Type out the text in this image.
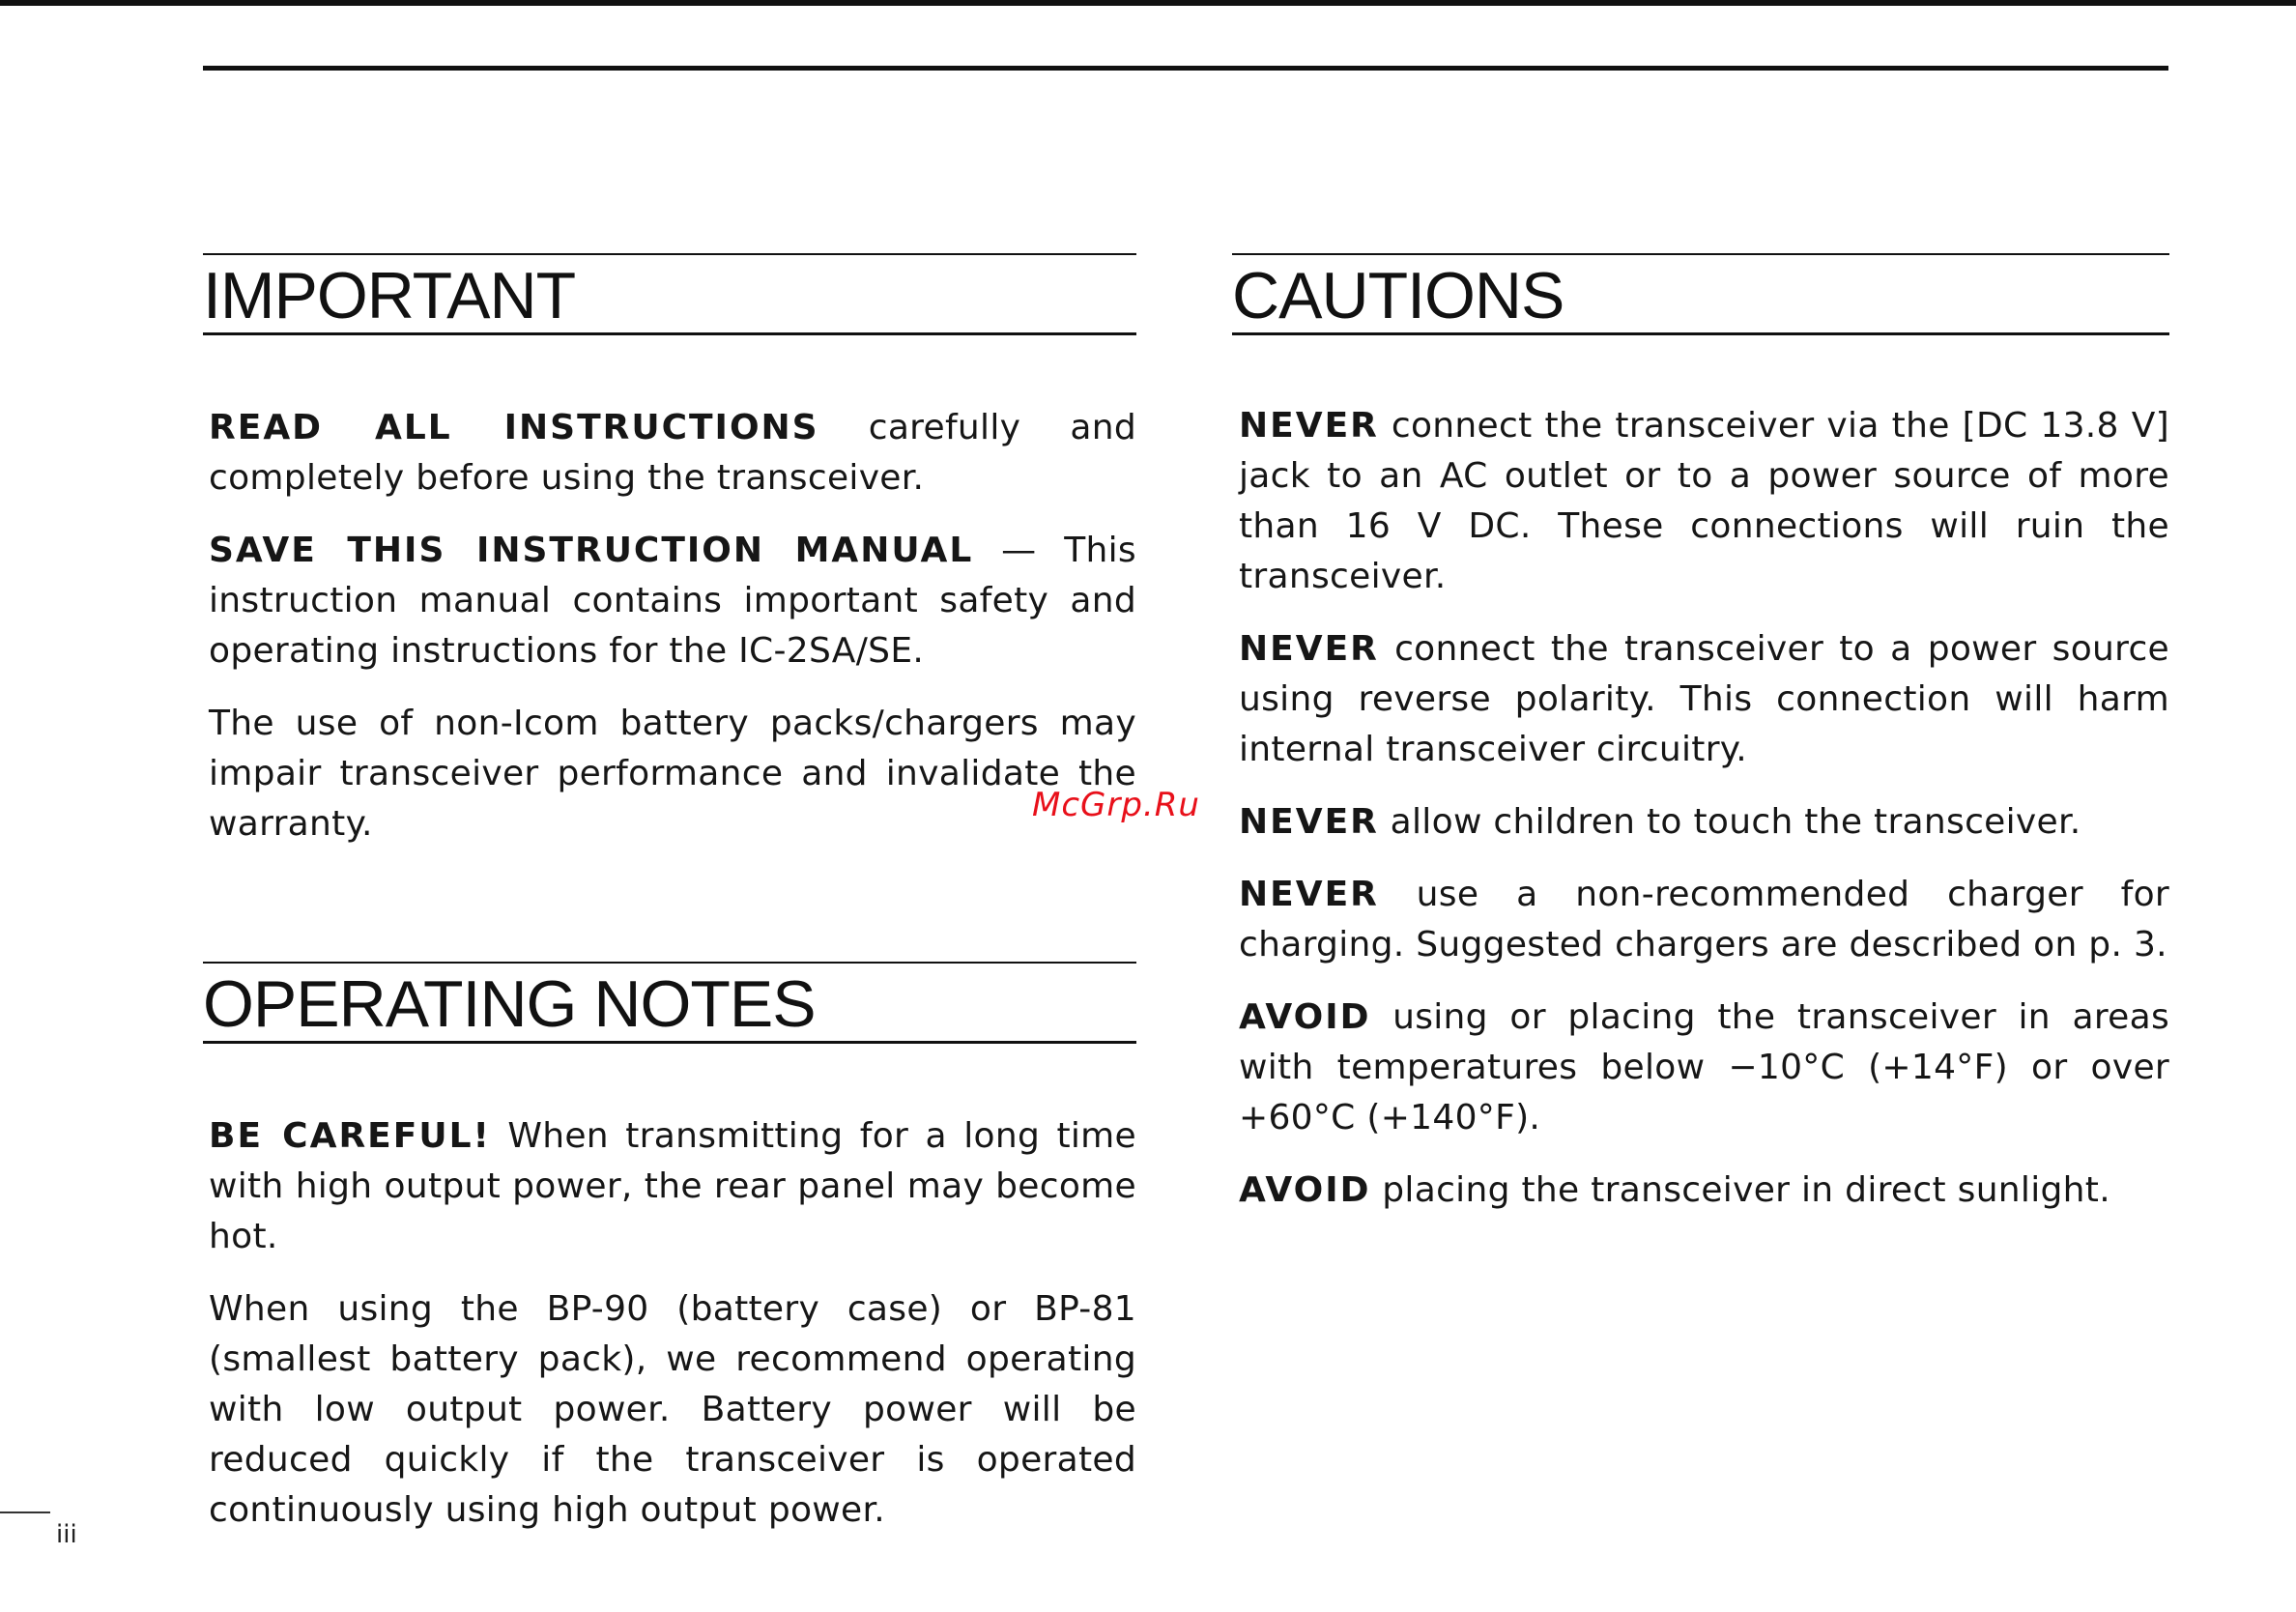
IMPORTANT

READ ALL INSTRUCTIONS carefully and completely before using the transceiver.

SAVE THIS INSTRUCTION MANUAL — This instruction manual contains important safety and operating instructions for the IC-2SA/SE.

The use of non-Icom battery packs/chargers may impair transceiver performance and invalidate the warranty.

OPERATING NOTES

BE CAREFUL! When transmitting for a long time with high output power, the rear panel may become hot.

When using the BP-90 (battery case) or BP-81 (smallest battery pack), we recommend operating with low output power. Battery power will be reduced quickly if the transceiver is operated continuously using high output power.

CAUTIONS

NEVER connect the transceiver via the [DC 13.8 V] jack to an AC outlet or to a power source of more than 16 V DC. These connections will ruin the transceiver.

NEVER connect the transceiver to a power source using reverse polarity. This connection will harm internal transceiver circuitry.

NEVER allow children to touch the transceiver.

NEVER use a non-recommended charger for charging. Suggested chargers are described on p. 3.

AVOID using or placing the transceiver in areas with temperatures below −10°C (+14°F) or over +60°C (+140°F).

AVOID placing the transceiver in direct sunlight.

McGrp.Ru
iii
